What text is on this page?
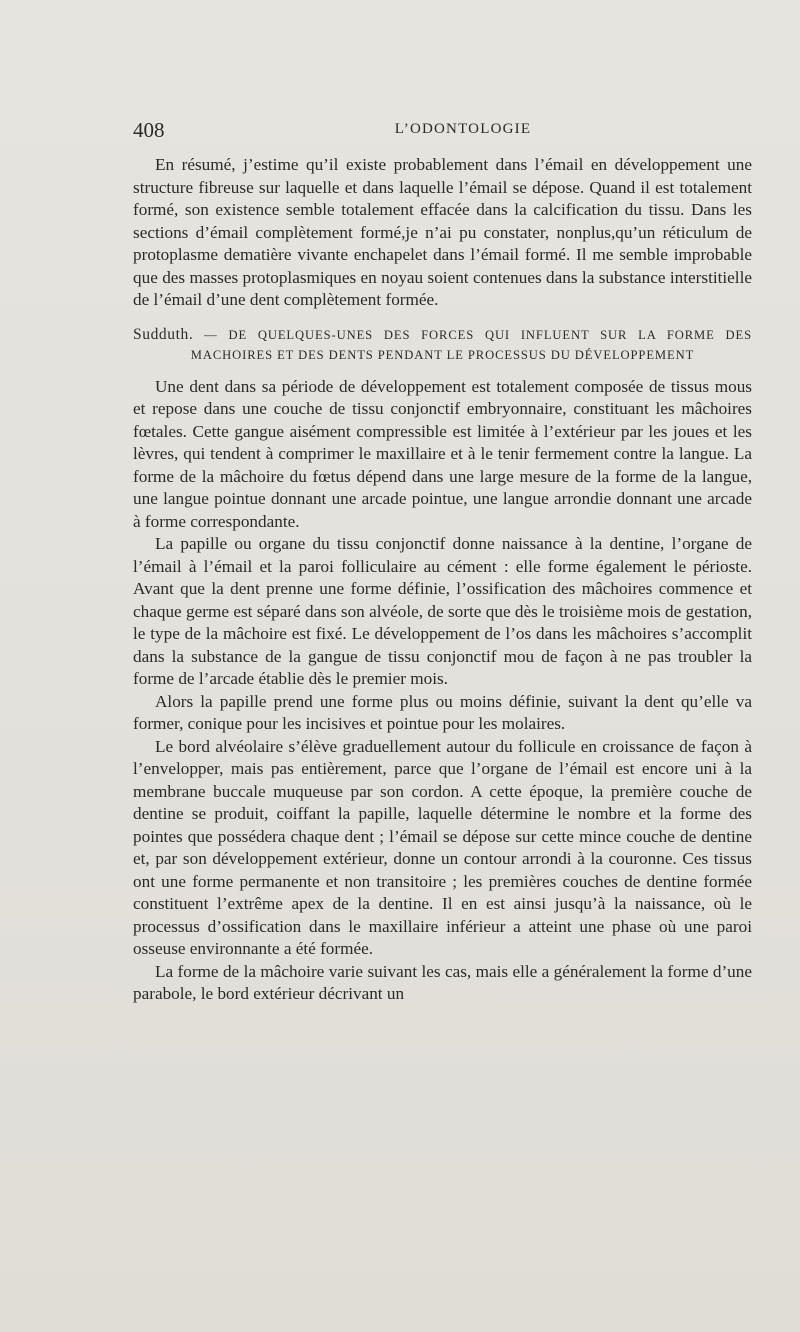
408	L’ODONTOLOGIE

En résumé, j’estime qu’il existe probablement dans l’émail en développement une structure fibreuse sur laquelle et dans laquelle l’émail se dépose. Quand il est totalement formé, son existence semble totalement effacée dans la calcification du tissu. Dans les sections d’émail complètement formé,je n’ai pu constater, nonplus,qu’un réticulum de protoplasme dematière vivante enchapelet dans l’émail formé. Il me semble improbable que des masses protoplasmiques en noyau soient contenues dans la substance interstitielle de l’émail d’une dent complètement formée.

Sudduth. — DE QUELQUES-UNES DES FORCES QUI INFLUENT SUR LA FORME DES MACHOIRES ET DES DENTS PENDANT LE PROCESSUS DU DÉVELOPPEMENT

Une dent dans sa période de développement est totalement composée de tissus mous et repose dans une couche de tissu conjonctif embryonnaire, constituant les mâchoires fœtales. Cette gangue aisément compressible est limitée à l’extérieur par les joues et les lèvres, qui tendent à comprimer le maxillaire et à le tenir fermement contre la langue. La forme de la mâchoire du fœtus dépend dans une large mesure de la forme de la langue, une langue pointue donnant une arcade pointue, une langue arrondie donnant une arcade à forme correspondante.

La papille ou organe du tissu conjonctif donne naissance à la dentine, l’organe de l’émail à l’émail et la paroi folliculaire au cément : elle forme également le périoste. Avant que la dent prenne une forme définie, l’ossification des mâchoires commence et chaque germe est séparé dans son alvéole, de sorte que dès le troisième mois de gestation, le type de la mâchoire est fixé. Le développement de l’os dans les mâchoires s’accomplit dans la substance de la gangue de tissu conjonctif mou de façon à ne pas troubler la forme de l’arcade établie dès le premier mois.

Alors la papille prend une forme plus ou moins définie, suivant la dent qu’elle va former, conique pour les incisives et pointue pour les molaires.

Le bord alvéolaire s’élève graduellement autour du follicule en croissance de façon à l’envelopper, mais pas entièrement, parce que l’organe de l’émail est encore uni à la membrane buccale muqueuse par son cordon. A cette époque, la première couche de dentine se produit, coiffant la papille, laquelle détermine le nombre et la forme des pointes que possédera chaque dent ; l’émail se dépose sur cette mince couche de dentine et, par son développement extérieur, donne un contour arrondi à la couronne. Ces tissus ont une forme permanente et non transitoire ; les premières couches de dentine formée constituent l’extrême apex de la dentine. Il en est ainsi jusqu’à la naissance, où le processus d’ossification dans le maxillaire inférieur a atteint une phase où une paroi osseuse environnante a été formée.

La forme de la mâchoire varie suivant les cas, mais elle a généralement la forme d’une parabole, le bord extérieur décrivant un
